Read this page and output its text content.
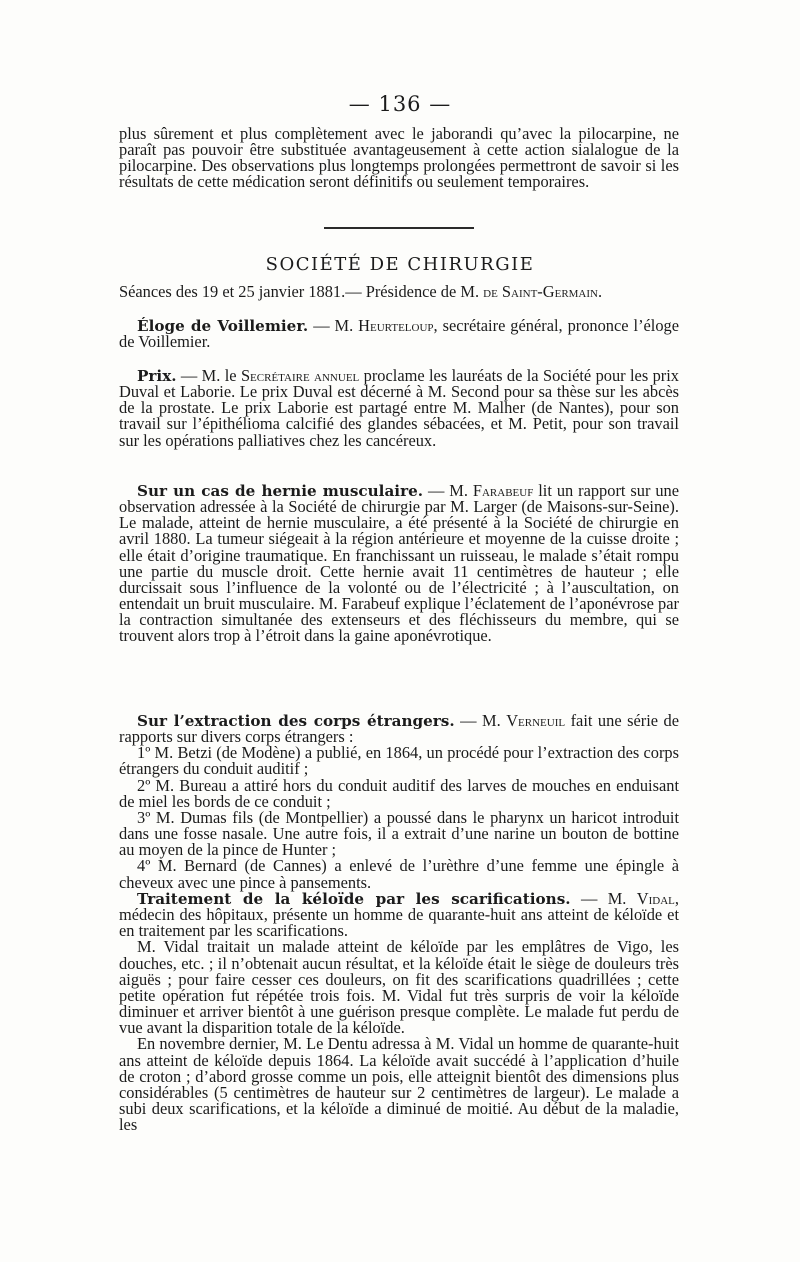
— 136 —

plus sûrement et plus complètement avec le jaborandi qu’avec la pilocarpine, ne paraît pas pouvoir être substituée avantageusement à cette action sialalogue de la pilocarpine. Des observations plus longtemps prolongées permettront de savoir si les résultats de cette médication seront définitifs ou seulement temporaires.

SOCIÉTÉ DE CHIRURGIE
Séances des 19 et 25 janvier 1881.— Présidence de M. de Saint-Germain.

Éloge de Voillemier. — M. Heurteloup, secrétaire général, prononce l’éloge de Voillemier.

Prix. — M. le Secrétaire annuel proclame les lauréats de la Société pour les prix Duval et Laborie. Le prix Duval est décerné à M. Second pour sa thèse sur les abcès de la prostate. Le prix Laborie est partagé entre M. Malher (de Nantes), pour son travail sur l’épithélioma calcifié des glandes sébacées, et M. Petit, pour son travail sur les opérations palliatives chez les cancéreux.

Sur un cas de hernie musculaire. — M. Farabeuf lit un rapport sur une observation adressée à la Société de chirurgie par M. Larger (de Maisons-sur-Seine). Le malade, atteint de hernie musculaire, a été présenté à la Société de chirurgie en avril 1880. La tumeur siégeait à la région antérieure et moyenne de la cuisse droite ; elle était d’origine traumatique. En franchissant un ruisseau, le malade s’était rompu une partie du muscle droit. Cette hernie avait 11 centimètres de hauteur ; elle durcissait sous l’influence de la volonté ou de l’électricité ; à l’auscultation, on entendait un bruit musculaire. M. Farabeuf explique l’éclatement de l’aponévrose par la contraction simultanée des extenseurs et des fléchisseurs du membre, qui se trouvent alors trop à l’étroit dans la gaine aponévrotique.

Sur l’extraction des corps étrangers. — M. Verneuil fait une série de rapports sur divers corps étrangers :

1º M. Betzi (de Modène) a publié, en 1864, un procédé pour l’extraction des corps étrangers du conduit auditif ;

2º M. Bureau a attiré hors du conduit auditif des larves de mouches en enduisant de miel les bords de ce conduit ;

3º M. Dumas fils (de Montpellier) a poussé dans le pharynx un haricot introduit dans une fosse nasale. Une autre fois, il a extrait d’une narine un bouton de bottine au moyen de la pince de Hunter ;

4º M. Bernard (de Cannes) a enlevé de l’urèthre d’une femme une épingle à cheveux avec une pince à pansements.

Traitement de la kéloïde par les scarifications. — M. Vidal, médecin des hôpitaux, présente un homme de quarante-huit ans atteint de kéloïde et en traitement par les scarifications.

M. Vidal traitait un malade atteint de kéloïde par les emplâtres de Vigo, les douches, etc. ; il n’obtenait aucun résultat, et la kéloïde était le siège de douleurs très aiguës ; pour faire cesser ces douleurs, on fit des scarifications quadrillées ; cette petite opération fut répétée trois fois. M. Vidal fut très surpris de voir la kéloïde diminuer et arriver bientôt à une guérison presque complète. Le malade fut perdu de vue avant la disparition totale de la kéloïde.

En novembre dernier, M. Le Dentu adressa à M. Vidal un homme de quarante-huit ans atteint de kéloïde depuis 1864. La kéloïde avait succédé à l’application d’huile de croton ; d’abord grosse comme un pois, elle atteignit bientôt des dimensions plus considérables (5 centimètres de hauteur sur 2 centimètres de largeur). Le malade a subi deux scarifications, et la kéloïde a diminué de moitié. Au début de la maladie, les
